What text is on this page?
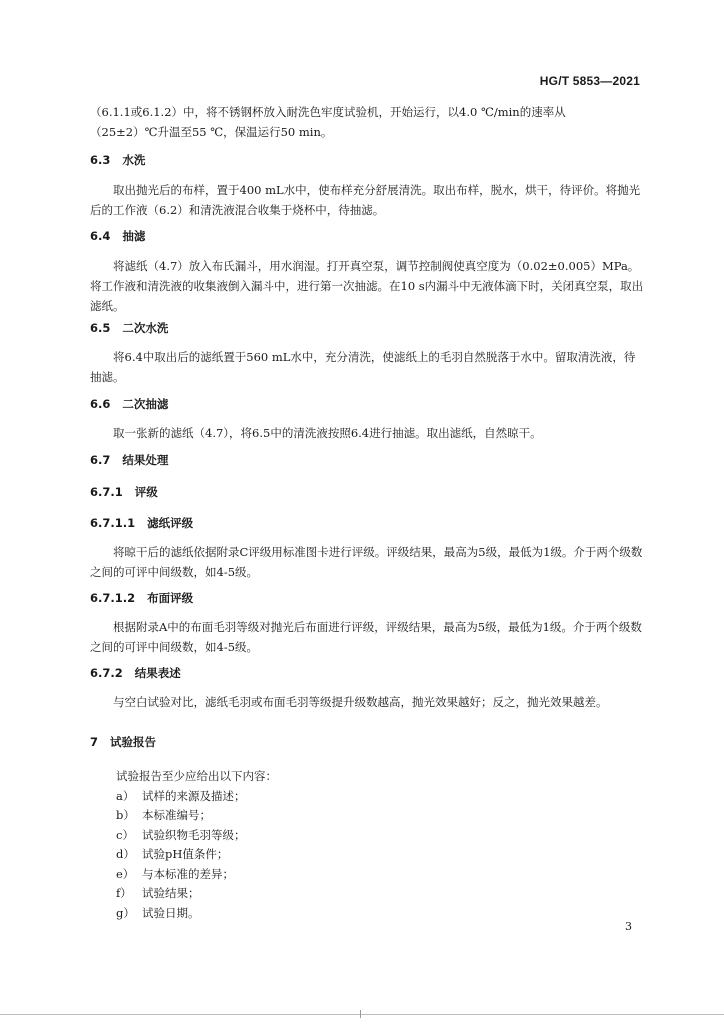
HG/T 5853—2021
（6.1.1或6.1.2）中，将不锈钢杯放入耐洗色牢度试验机，开始运行，以4.0 ℃/min的速率从
（25±2）℃升温至55 ℃，保温运行50 min。
6.3 水洗

取出抛光后的布样，置于400 mL水中，使布样充分舒展清洗。取出布样，脱水，烘干，待评价。将抛光后的工作液（6.2）和清洗液混合收集于烧杯中，待抽滤。

6.4 抽滤

将滤纸（4.7）放入布氏漏斗，用水润湿。打开真空泵，调节控制阀使真空度为（0.02±0.005）MPa。将工作液和清洗液的收集液倒入漏斗中，进行第一次抽滤。在10 s内漏斗中无液体滴下时，关闭真空泵，取出滤纸。

6.5 二次水洗

将6.4中取出后的滤纸置于560 mL水中，充分清洗，使滤纸上的毛羽自然脱落于水中。留取清洗液，待抽滤。

6.6 二次抽滤

取一张新的滤纸（4.7），将6.5中的清洗液按照6.4进行抽滤。取出滤纸，自然晾干。

6.7 结果处理
6.7.1 评级
6.7.1.1 滤纸评级

将晾干后的滤纸依据附录C评级用标准图卡进行评级。评级结果，最高为5级，最低为1级。介于两个级数之间的可评中间级数，如4-5级。

6.7.1.2 布面评级

根据附录A中的布面毛羽等级对抛光后布面进行评级，评级结果，最高为5级，最低为1级。介于两个级数之间的可评中间级数，如4-5级。

6.7.2 结果表述

与空白试验对比，滤纸毛羽或布面毛羽等级提升级数越高，抛光效果越好；反之，抛光效果越差。

7 试验报告
试验报告至少应给出以下内容：
a） 试样的来源及描述；
b） 本标准编号；
c） 试验织物毛羽等级；
d） 试验pH值条件；
e） 与本标准的差异；
f） 试验结果；
g） 试验日期。
3
